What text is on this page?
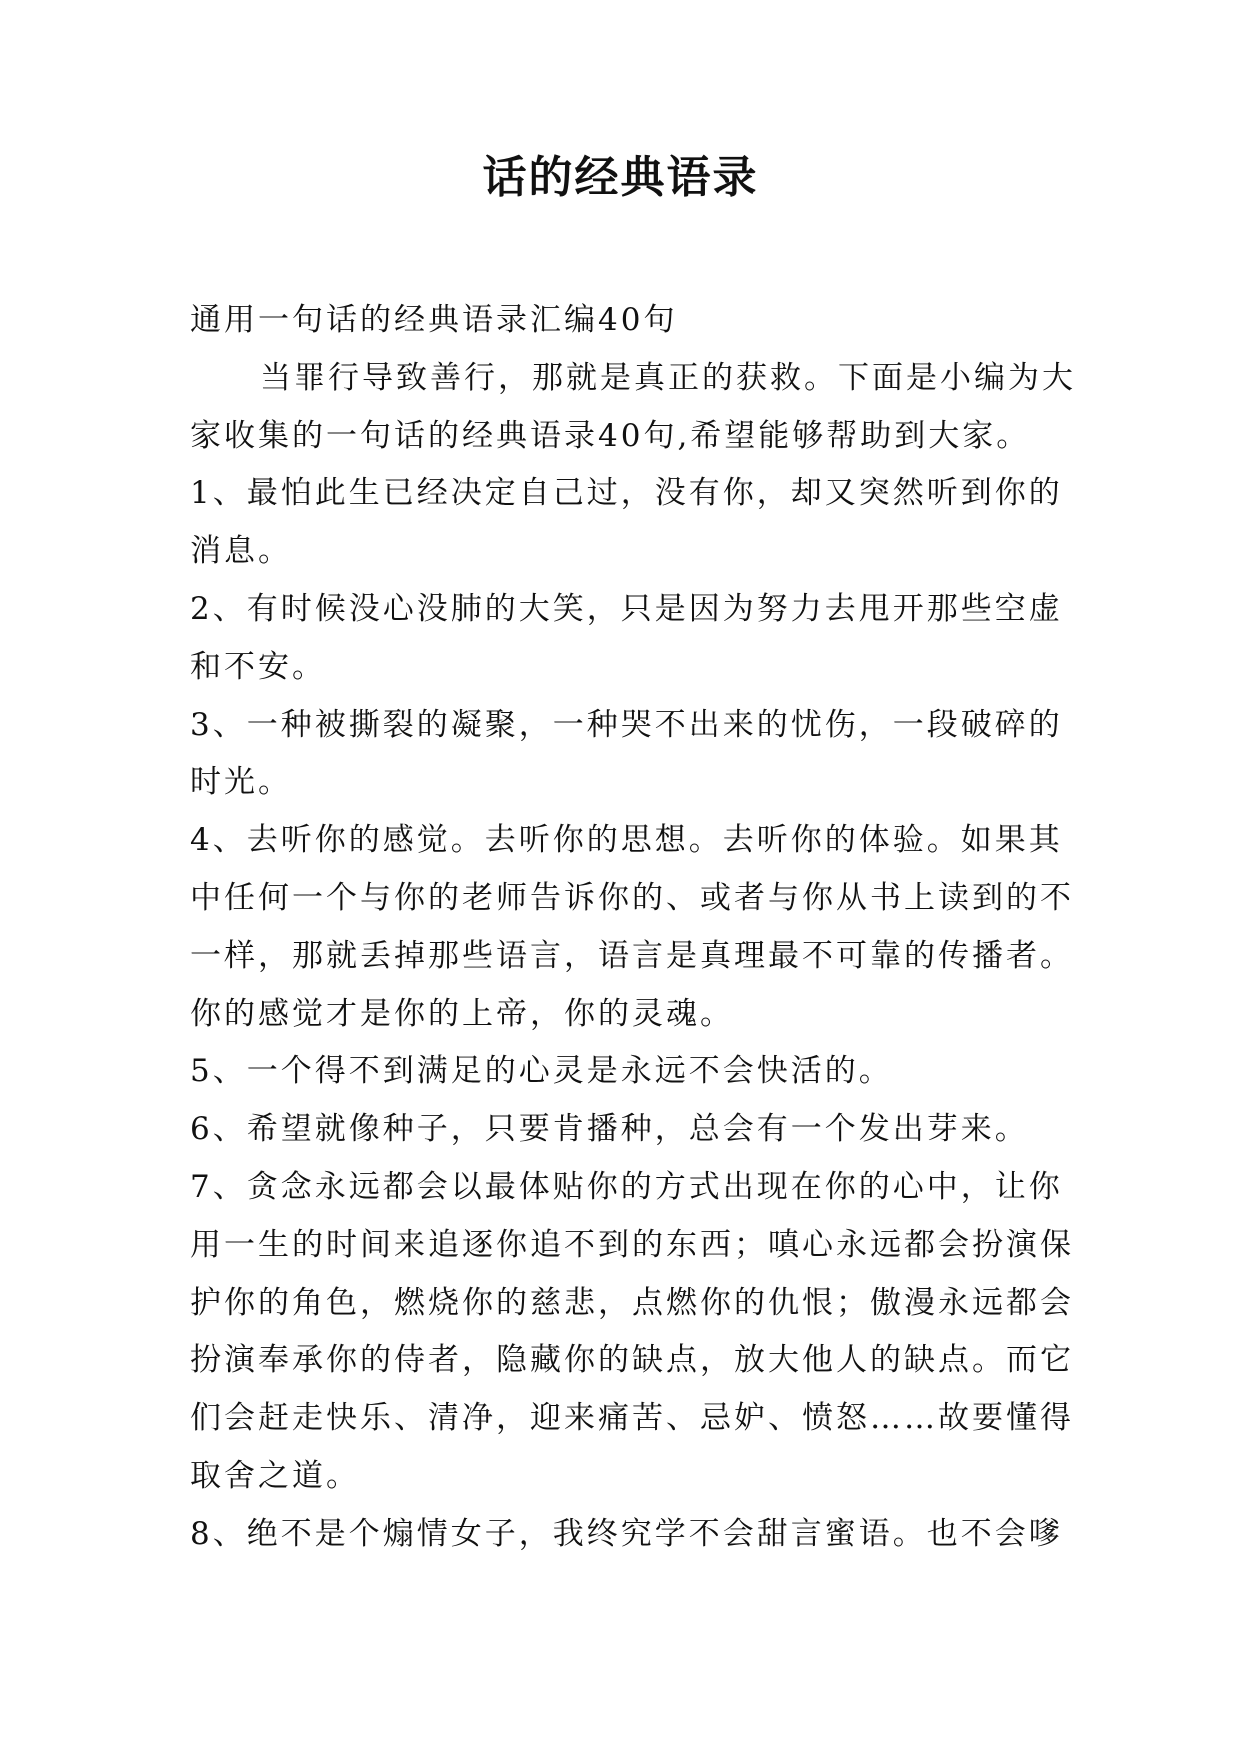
话的经典语录
通用一句话的经典语录汇编40句
当罪行导致善行，那就是真正的获救。下面是小编为大
家收集的一句话的经典语录40句,希望能够帮助到大家。
1、最怕此生已经决定自己过，没有你，却又突然听到你的
消息。
2、有时候没心没肺的大笑，只是因为努力去甩开那些空虚
和不安。
3、一种被撕裂的凝聚，一种哭不出来的忧伤，一段破碎的
时光。
4、去听你的感觉。去听你的思想。去听你的体验。如果其
中任何一个与你的老师告诉你的、或者与你从书上读到的不
一样，那就丢掉那些语言，语言是真理最不可靠的传播者。
你的感觉才是你的上帝，你的灵魂。
5、一个得不到满足的心灵是永远不会快活的。
6、希望就像种子，只要肯播种，总会有一个发出芽来。
7、贪念永远都会以最体贴你的方式出现在你的心中，让你
用一生的时间来追逐你追不到的东西；嗔心永远都会扮演保
护你的角色，燃烧你的慈悲，点燃你的仇恨；傲漫永远都会
扮演奉承你的侍者，隐藏你的缺点，放大他人的缺点。而它
们会赶走快乐、清净，迎来痛苦、忌妒、愤怒……故要懂得
取舍之道。
8、绝不是个煽情女子，我终究学不会甜言蜜语。也不会嗲
